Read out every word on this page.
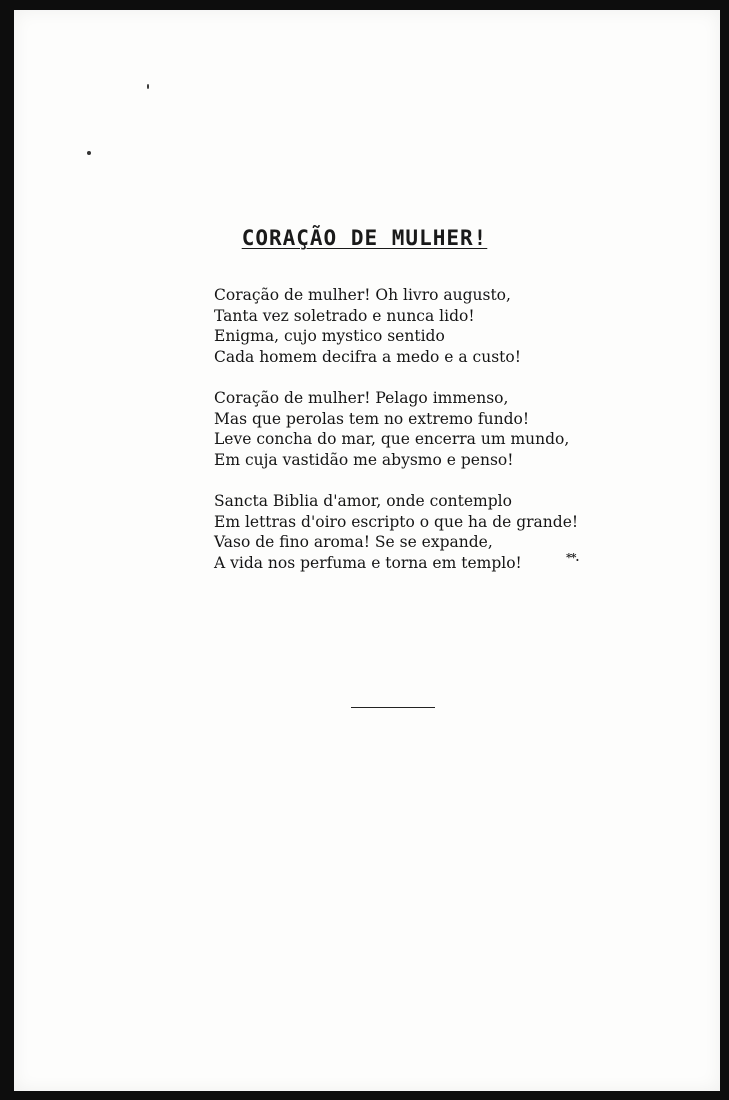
CORAÇÃO DE MULHER!
Coração de mulher! Oh livro augusto,
Tanta vez soletrado e nunca lido!
Enigma, cujo mystico sentido
Cada homem decifra a medo e a custo!
Coração de mulher! Pelago immenso,
Mas que perolas tem no extremo fundo!
Leve concha do mar, que encerra um mundo,
Em cuja vastidão me abysmo e penso!
Sancta Biblia d'amor, onde contemplo
Em lettras d'oiro escripto o que ha de grande!
Vaso de fino aroma! Se se expande,
A vida nos perfuma e torna em templo!	**.
